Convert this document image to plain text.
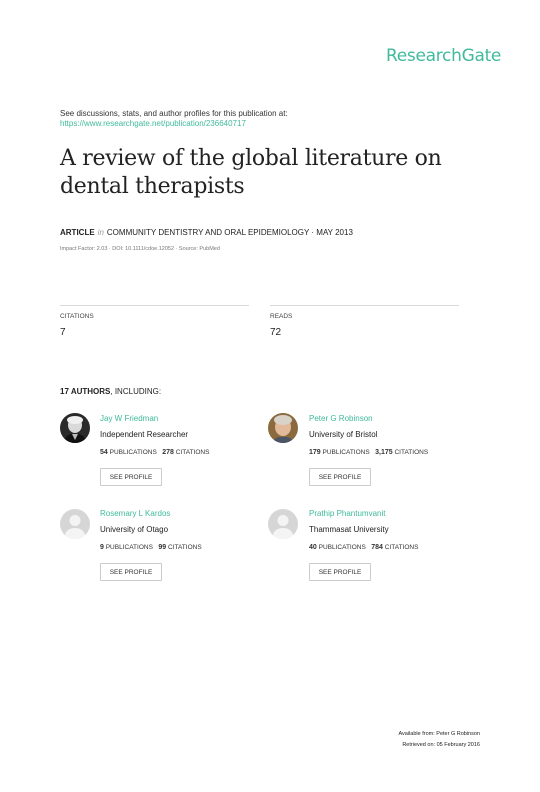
ResearchGate
See discussions, stats, and author profiles for this publication at:
https://www.researchgate.net/publication/236640717
A review of the global literature on dental therapists
ARTICLE in COMMUNITY DENTISTRY AND ORAL EPIDEMIOLOGY · MAY 2013
Impact Factor: 2.03 · DOI: 10.1111/cdoe.12052 · Source: PubMed
CITATIONS
7
READS
72
17 AUTHORS, INCLUDING:
Jay W Friedman
Independent Researcher
54 PUBLICATIONS 278 CITATIONS
SEE PROFILE
Peter G Robinson
University of Bristol
179 PUBLICATIONS 3,175 CITATIONS
SEE PROFILE
Rosemary L Kardos
University of Otago
9 PUBLICATIONS 99 CITATIONS
SEE PROFILE
Prathip Phantumvanit
Thammasat University
40 PUBLICATIONS 784 CITATIONS
SEE PROFILE
Available from: Peter G Robinson
Retrieved on: 05 February 2016
